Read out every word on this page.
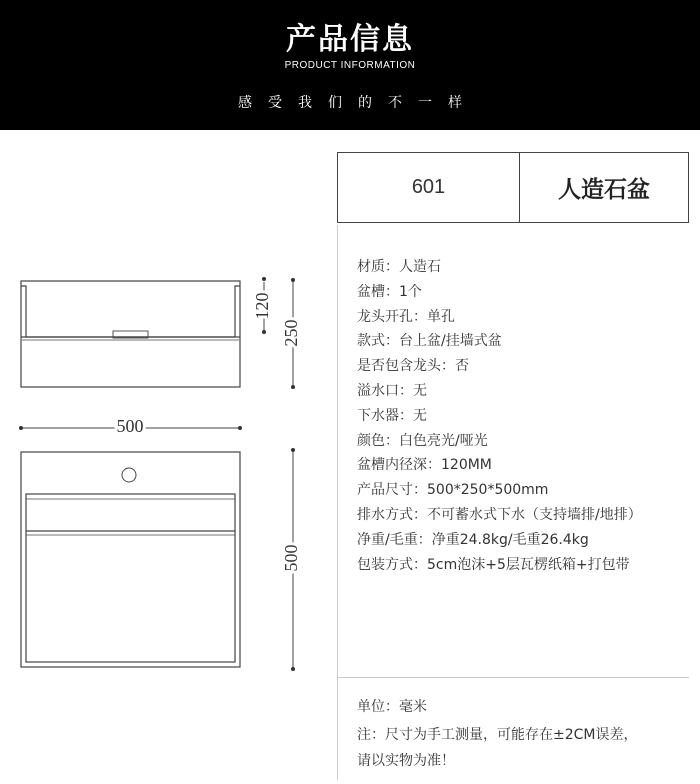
产品信息
PRODUCT INFORMATION
感受我们的不一样
120
250
500
500
601	人造石盆
材质：人造石
盆槽：1个
龙头开孔：单孔
款式：台上盆/挂墙式盆
是否包含龙头：否
溢水口：无
下水器：无
颜色：白色亮光/哑光
盆槽内径深：120MM
产品尺寸：500*250*500mm
排水方式：不可蓄水式下水（支持墙排/地排）
净重/毛重：净重24.8kg/毛重26.4kg
包装方式：5cm泡沫+5层瓦楞纸箱+打包带
单位：毫米
注：尺寸为手工测量，可能存在±2CM误差，
请以实物为准！
